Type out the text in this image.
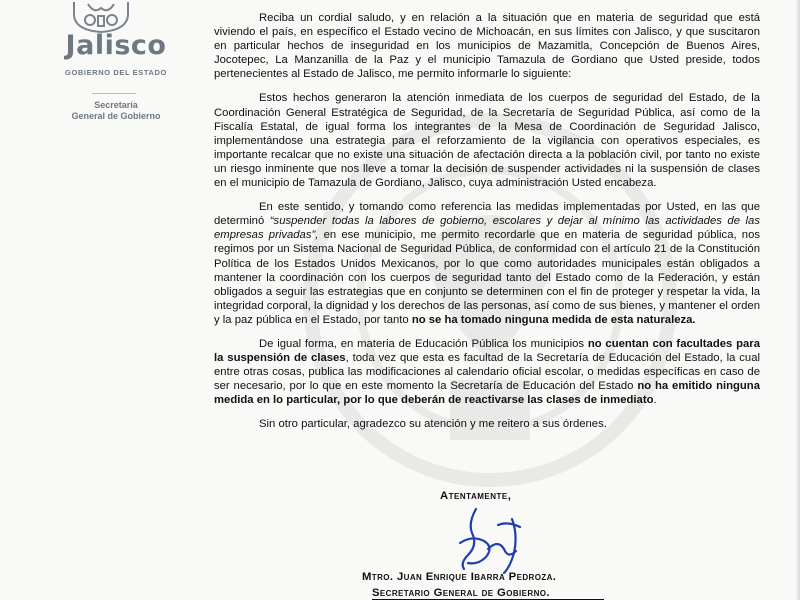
Jalisco
GOBIERNO DEL ESTADO
Secretaría
General de Gobierno

Reciba un cordial saludo, y en relación a la situación que en materia de seguridad que está viviendo el país, en específico el Estado vecino de Michoacán, en sus límites con Jalisco, y que suscitaron en particular hechos de inseguridad en los municipios de Mazamitla, Concepción de Buenos Aires, Jocotepec, La Manzanilla de la Paz y el municipio Tamazula de Gordiano que Usted preside, todos pertenecientes al Estado de Jalisco, me permito informarle lo siguiente:

Estos hechos generaron la atención inmediata de los cuerpos de seguridad del Estado, de la Coordinación General Estratégica de Seguridad, de la Secretaría de Seguridad Pública, así como de la Fiscalía Estatal, de igual forma los integrantes de la Mesa de Coordinación de Seguridad Jalisco, implementándose una estrategia para el reforzamiento de la vigilancia con operativos especiales, es importante recalcar que no existe una situación de afectación directa a la población civil, por tanto no existe un riesgo inminente que nos lleve a tomar la decisión de suspender actividades ni la suspensión de clases en el municipio de Tamazula de Gordiano, Jalisco, cuya administración Usted encabeza.

En este sentido, y tomando como referencia las medidas implementadas por Usted, en las que determinó “suspender todas la labores de gobierno, escolares y dejar al mínimo las actividades de las empresas privadas”, en ese municipio, me permito recordarle que en materia de seguridad pública, nos regimos por un Sistema Nacional de Seguridad Pública, de conformidad con el artículo 21 de la Constitución Política de los Estados Unidos Mexicanos, por lo que como autoridades municipales están obligados a mantener la coordinación con los cuerpos de seguridad tanto del Estado como de la Federación, y están obligados a seguir las estrategias que en conjunto se determinen con el fin de proteger y respetar la vida, la integridad corporal, la dignidad y los derechos de las personas, así como de sus bienes, y mantener el orden y la paz pública en el Estado, por tanto no se ha tomado ninguna medida de esta naturaleza.

De igual forma, en materia de Educación Pública los municipios no cuentan con facultades para la suspensión de clases, toda vez que esta es facultad de la Secretaría de Educación del Estado, la cual entre otras cosas, publica las modificaciones al calendario oficial escolar, o medidas específicas en caso de ser necesario, por lo que en este momento la Secretaría de Educación del Estado no ha emitido ninguna medida en lo particular, por lo que deberán de reactivarse las clases de inmediato.

Sin otro particular, agradezco su atención y me reitero a sus órdenes.

Atentamente,
Mtro. Juan Enrique Ibarra Pedroza.
Secretario General de Gobierno.
